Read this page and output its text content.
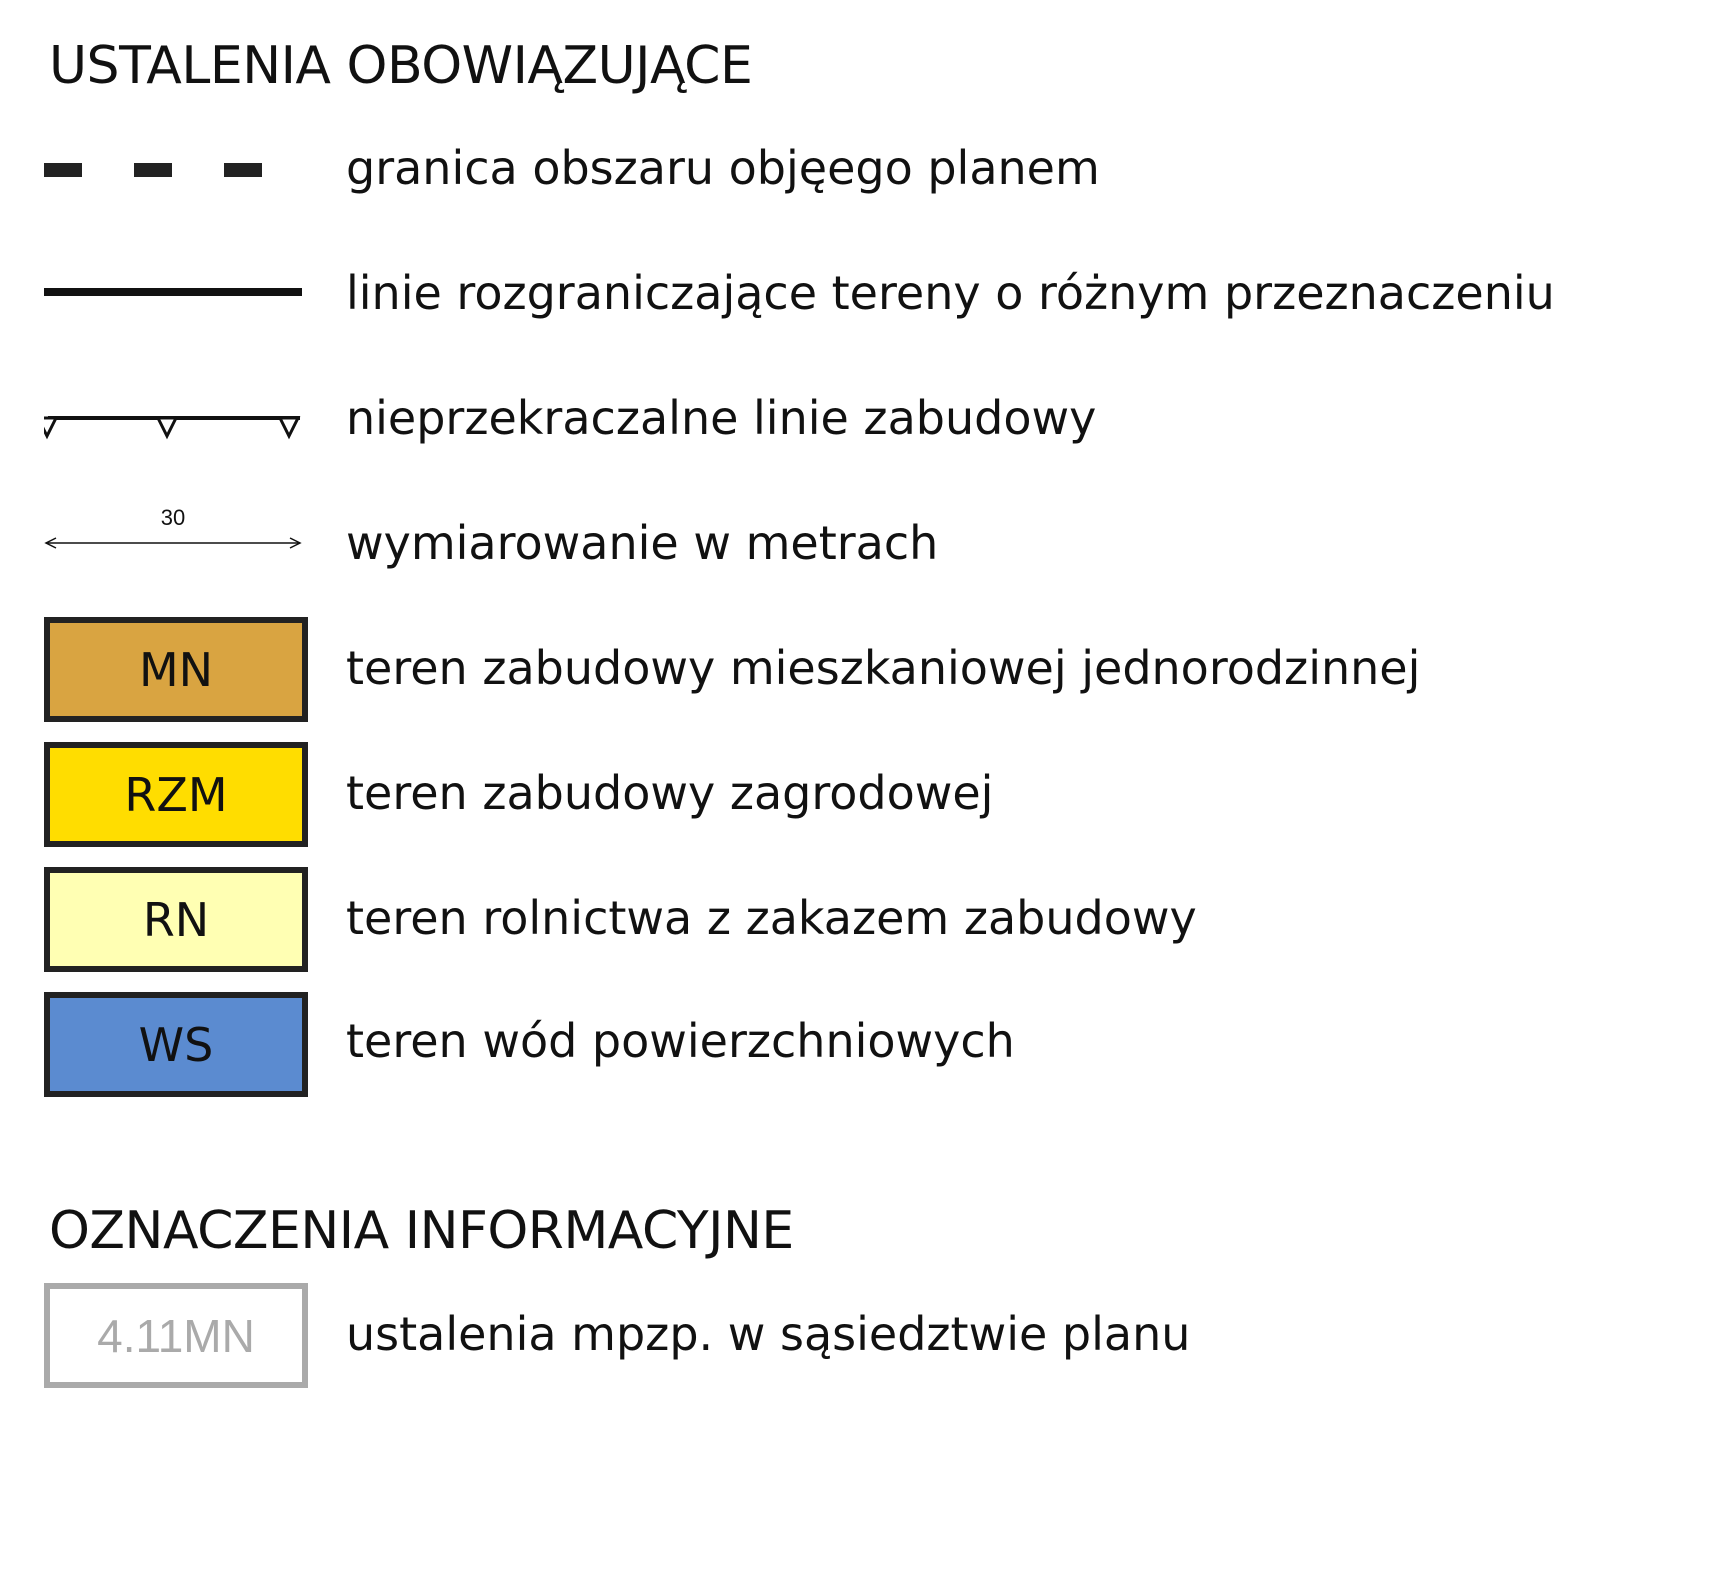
USTALENIA OBOWIĄZUJĄCE
granica obszaru objęego planem
linie rozgraniczające tereny o różnym przeznaczeniu
nieprzekraczalne linie zabudowy
30	wymiarowanie w metrach
MN	teren zabudowy mieszkaniowej jednorodzinnej
RZM	teren zabudowy zagrodowej
RN	teren rolnictwa z zakazem zabudowy
WS	teren wód powierzchniowych
OZNACZENIA INFORMACYJNE
4.11MN ustalenia mpzp. w sąsiedztwie planu
